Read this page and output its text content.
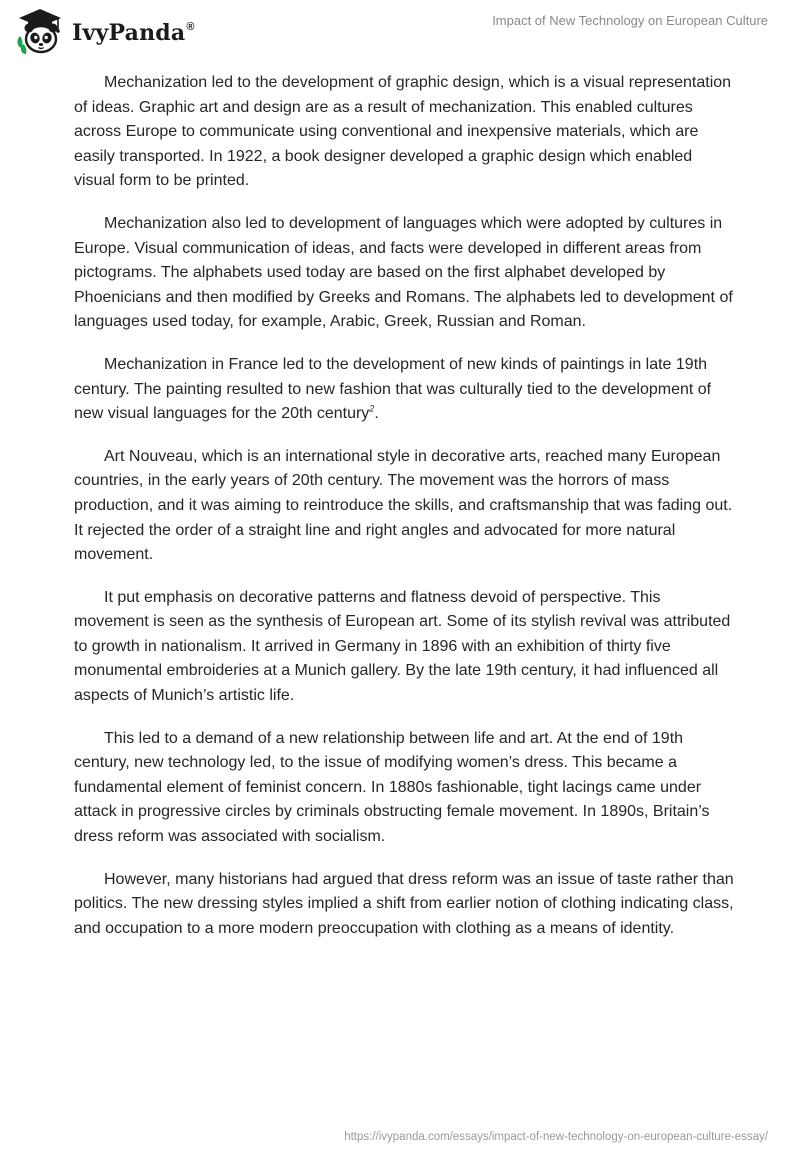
IvyPanda®	Impact of New Technology on European Culture

Mechanization led to the development of graphic design, which is a visual representation of ideas. Graphic art and design are as a result of mechanization. This enabled cultures across Europe to communicate using conventional and inexpensive materials, which are easily transported. In 1922, a book designer developed a graphic design which enabled visual form to be printed.

Mechanization also led to development of languages which were adopted by cultures in Europe. Visual communication of ideas, and facts were developed in different areas from pictograms. The alphabets used today are based on the first alphabet developed by Phoenicians and then modified by Greeks and Romans. The alphabets led to development of languages used today, for example, Arabic, Greek, Russian and Roman.

Mechanization in France led to the development of new kinds of paintings in late 19th century. The painting resulted to new fashion that was culturally tied to the development of new visual languages for the 20th century$^2$.

Art Nouveau, which is an international style in decorative arts, reached many European countries, in the early years of 20th century. The movement was the horrors of mass production, and it was aiming to reintroduce the skills, and craftsmanship that was fading out. It rejected the order of a straight line and right angles and advocated for more natural movement.

It put emphasis on decorative patterns and flatness devoid of perspective. This movement is seen as the synthesis of European art. Some of its stylish revival was attributed to growth in nationalism. It arrived in Germany in 1896 with an exhibition of thirty five monumental embroideries at a Munich gallery. By the late 19th century, it had influenced all aspects of Munich’s artistic life.

This led to a demand of a new relationship between life and art. At the end of 19th century, new technology led, to the issue of modifying women’s dress. This became a fundamental element of feminist concern. In 1880s fashionable, tight lacings came under attack in progressive circles by criminals obstructing female movement. In 1890s, Britain’s dress reform was associated with socialism.

However, many historians had argued that dress reform was an issue of taste rather than politics. The new dressing styles implied a shift from earlier notion of clothing indicating class, and occupation to a more modern preoccupation with clothing as a means of identity.

https://ivypanda.com/essays/impact-of-new-technology-on-european-culture-essay/
